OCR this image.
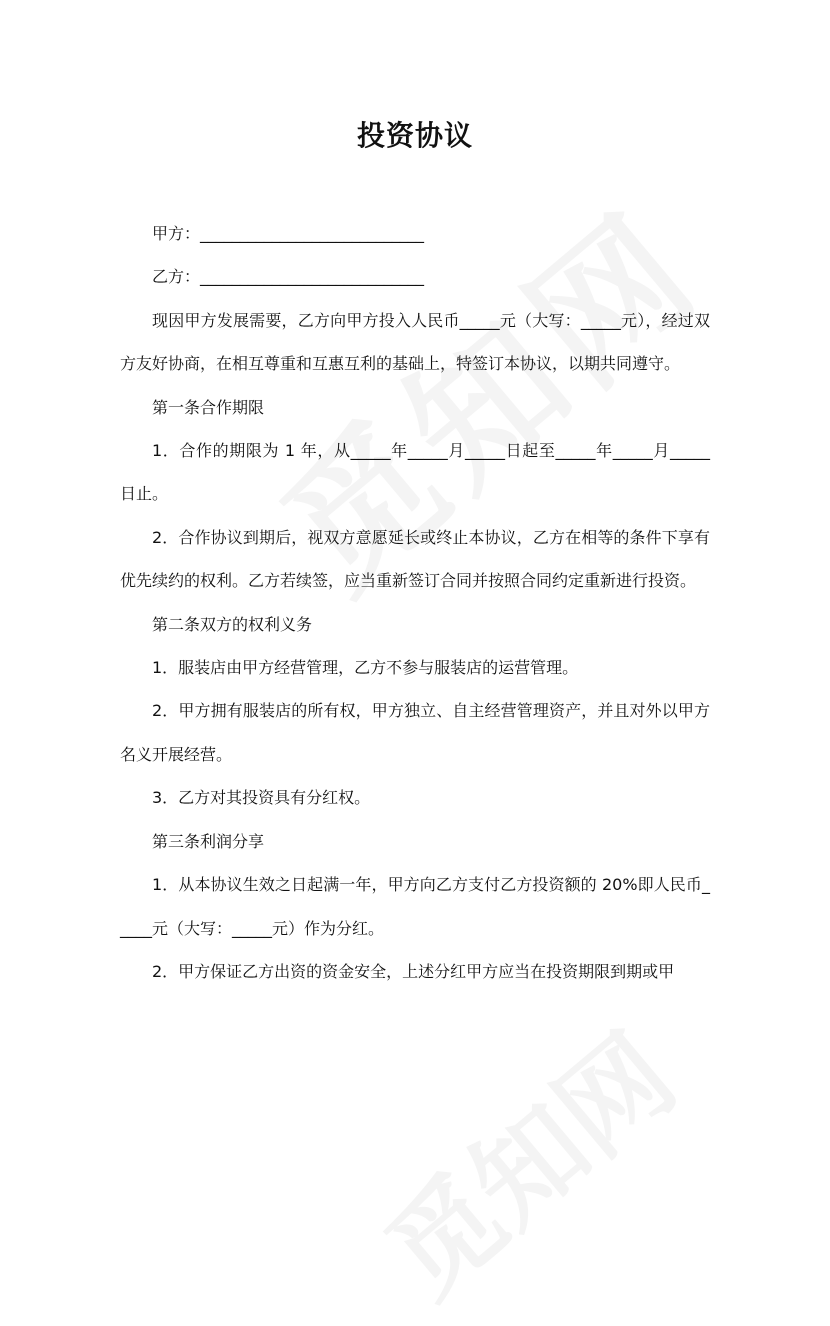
投资协议

甲方：____________________________

乙方：____________________________

现因甲方发展需要，乙方向甲方投入人民币_____元（大写：_____元），经过双方友好协商，在相互尊重和互惠互利的基础上，特签订本协议，以期共同遵守。

第一条合作期限

1．合作的期限为 1 年，从_____年_____月_____日起至_____年_____月_____日止。

2．合作协议到期后，视双方意愿延长或终止本协议，乙方在相等的条件下享有优先续约的权利。乙方若续签，应当重新签订合同并按照合同约定重新进行投资。

第二条双方的权利义务

1．服装店由甲方经营管理，乙方不参与服装店的运营管理。

2．甲方拥有服装店的所有权，甲方独立、自主经营管理资产，并且对外以甲方名义开展经营。

3．乙方对其投资具有分红权。

第三条利润分享

1．从本协议生效之日起满一年，甲方向乙方支付乙方投资额的 20%即人民币_____元（大写：_____元）作为分红。

2．甲方保证乙方出资的资金安全，上述分红甲方应当在投资期限到期或甲
